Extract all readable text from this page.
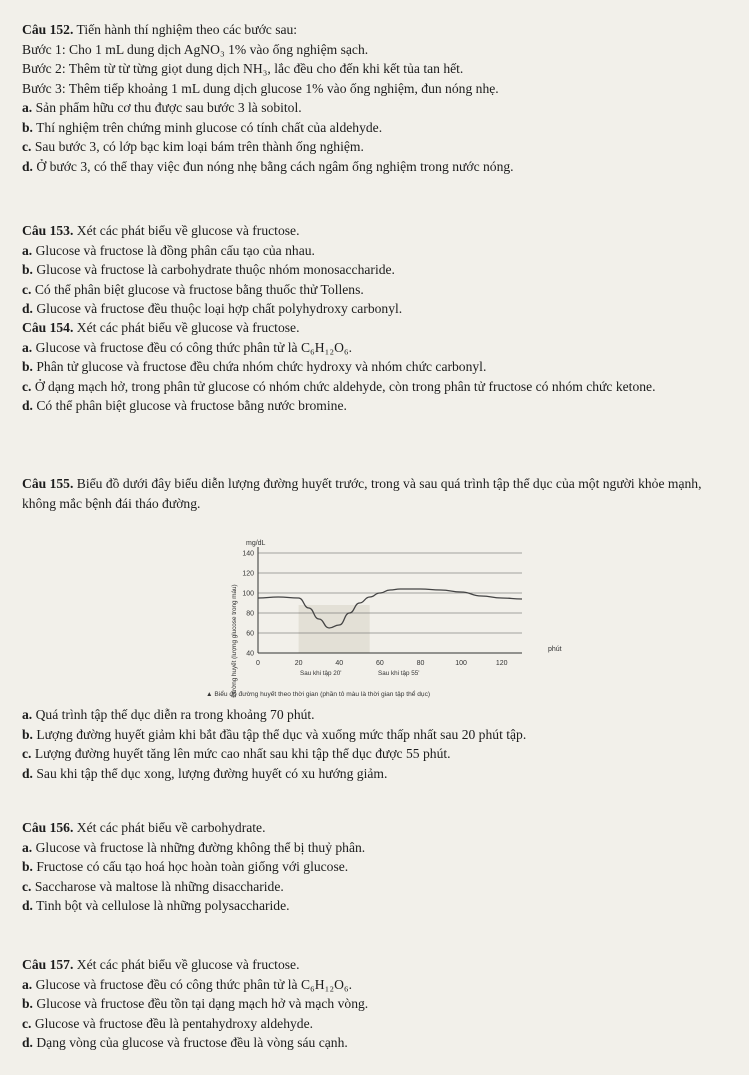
Câu 152. Tiến hành thí nghiệm theo các bước sau:
Bước 1: Cho 1 mL dung dịch AgNO₃ 1% vào ống nghiệm sạch.
Bước 2: Thêm từ từ từng giọt dung dịch NH₃, lắc đều cho đến khi kết tủa tan hết.
Bước 3: Thêm tiếp khoảng 1 mL dung dịch glucose 1% vào ống nghiệm, đun nóng nhẹ.
a. Sản phẩm hữu cơ thu được sau bước 3 là sobitol.
b. Thí nghiệm trên chứng minh glucose có tính chất của aldehyde.
c. Sau bước 3, có lớp bạc kim loại bám trên thành ống nghiệm.
d. Ở bước 3, có thể thay việc đun nóng nhẹ bằng cách ngâm ống nghiệm trong nước nóng.
Câu 153. Xét các phát biểu về glucose và fructose.
a. Glucose và fructose là đồng phân cấu tạo của nhau.
b. Glucose và fructose là carbohydrate thuộc nhóm monosaccharide.
c. Có thể phân biệt glucose và fructose bằng thuốc thử Tollens.
d. Glucose và fructose đều thuộc loại hợp chất polyhydroxy carbonyl.
Câu 154. Xét các phát biểu về glucose và fructose.
a. Glucose và fructose đều có công thức phân tử là C₆H₁₂O₆.
b. Phân tử glucose và fructose đều chứa nhóm chức hydroxy và nhóm chức carbonyl.
c. Ở dạng mạch hở, trong phân tử glucose có nhóm chức aldehyde, còn trong phân tử fructose có nhóm chức ketone.
d. Có thể phân biệt glucose và fructose bằng nước bromine.
Câu 155. Biểu đồ dưới đây biểu diễn lượng đường huyết trước, trong và sau quá trình tập thể dục của một người khỏe mạnh, không mắc bệnh đái tháo đường.
40
60
80
100
120
140
0	20	40	60	80	100	120
mg/dL
Đường huyết (lượng glucose trong máu)	phút
Sau khi tập 20'	Sau khi tập 55'
▲ Biểu đồ đường huyết theo thời gian (phần tô màu là thời gian tập thể dục)
a. Quá trình tập thế dục diễn ra trong khoảng 70 phút.
b. Lượng đường huyết giảm khi bắt đầu tập thể dục và xuống mức thấp nhất sau 20 phút tập.
c. Lượng đường huyết tăng lên mức cao nhất sau khi tập thể dục được 55 phút.
d. Sau khi tập thể dục xong, lượng đường huyết có xu hướng giảm.
Câu 156. Xét các phát biểu về carbohydrate.
a. Glucose và fructose là những đường không thể bị thuỷ phân.
b. Fructose có cấu tạo hoá học hoàn toàn giống với glucose.
c. Saccharose và maltose là những disaccharide.
d. Tinh bột và cellulose là những polysaccharide.
Câu 157. Xét các phát biểu về glucose và fructose.
a. Glucose và fructose đều có công thức phân tử là C₆H₁₂O₆.
b. Glucose và fructose đều tồn tại dạng mạch hở và mạch vòng.
c. Glucose và fructose đều là pentahydroxy aldehyde.
d. Dạng vòng của glucose và fructose đều là vòng sáu cạnh.
